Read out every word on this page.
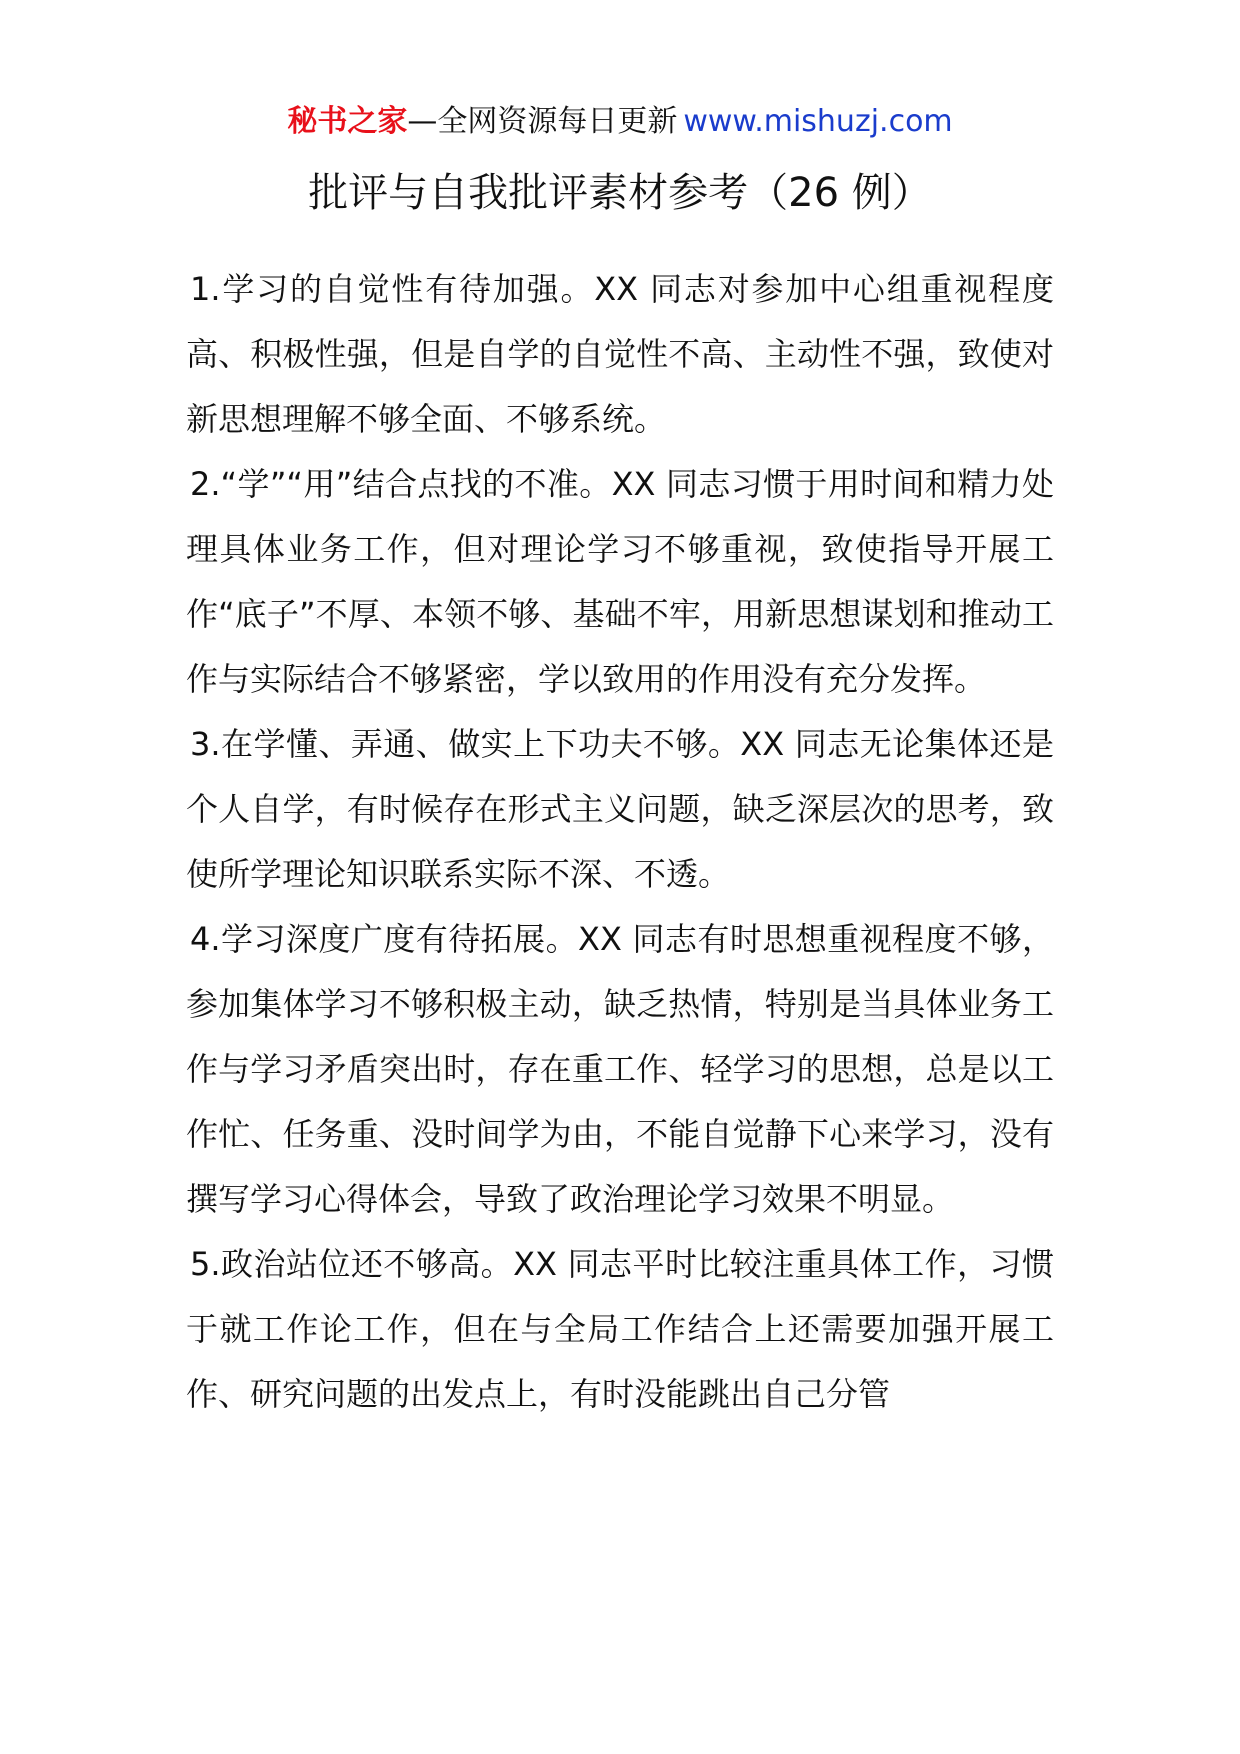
秘书之家—全网资源每日更新 www.mishuzj.com
批评与自我批评素材参考（26 例）

1.学习的自觉性有待加强。XX 同志对参加中心组重视程度高、积极性强，但是自学的自觉性不高、主动性不强，致使对新思想理解不够全面、不够系统。

2.“学”“用”结合点找的不准。XX 同志习惯于用时间和精力处理具体业务工作，但对理论学习不够重视，致使指导开展工作“底子”不厚、本领不够、基础不牢，用新思想谋划和推动工作与实际结合不够紧密，学以致用的作用没有充分发挥。

3.在学懂、弄通、做实上下功夫不够。XX 同志无论集体还是个人自学，有时候存在形式主义问题，缺乏深层次的思考，致使所学理论知识联系实际不深、不透。

4.学习深度广度有待拓展。XX 同志有时思想重视程度不够，参加集体学习不够积极主动，缺乏热情，特别是当具体业务工作与学习矛盾突出时，存在重工作、轻学习的思想，总是以工作忙、任务重、没时间学为由，不能自觉静下心来学习，没有撰写学习心得体会，导致了政治理论学习效果不明显。

5.政治站位还不够高。XX 同志平时比较注重具体工作，习惯于就工作论工作，但在与全局工作结合上还需要加强开展工作、研究问题的出发点上，有时没能跳出自己分管
